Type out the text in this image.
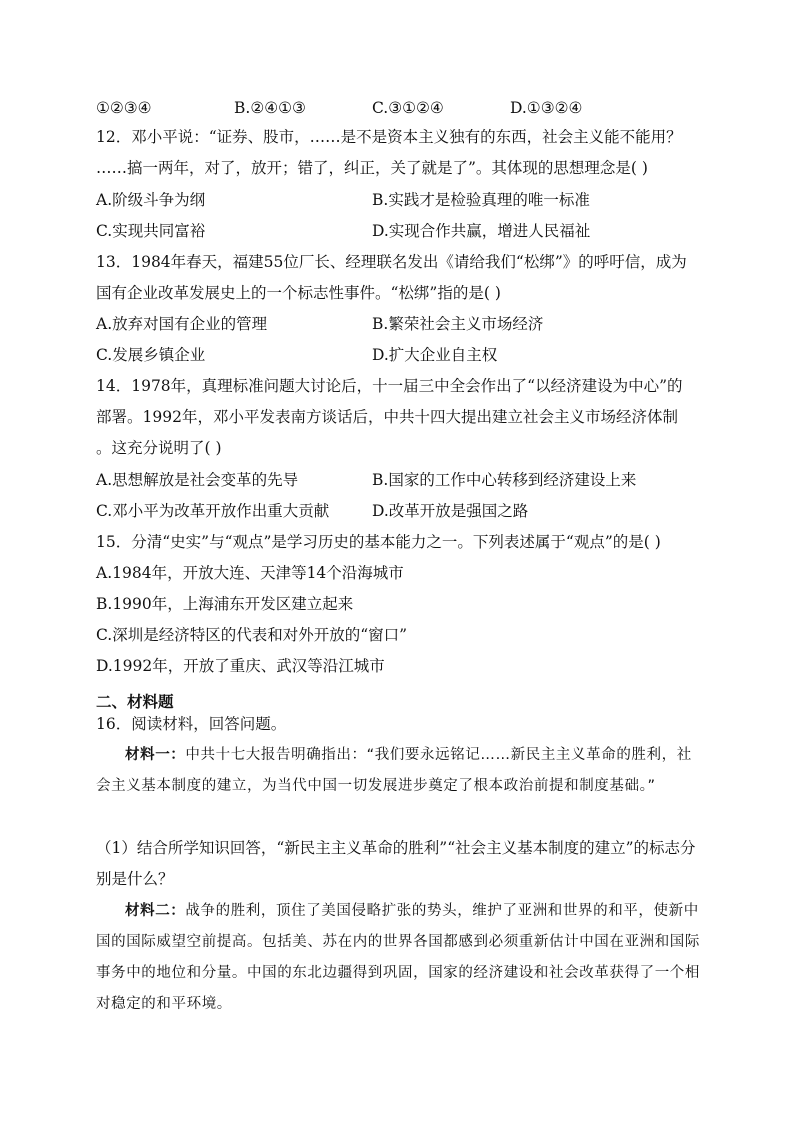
①②③④	B.②④①③	C.③①②④	D.①③②④
12．邓小平说：“证券、股市，……是不是资本主义独有的东西，社会主义能不能用？
……搞一两年，对了，放开；错了，纠正，关了就是了”。其体现的思想理念是( )
A.阶级斗争为纲	B.实践才是检验真理的唯一标准
C.实现共同富裕	D.实现合作共赢，增进人民福祉
13．1984年春天，福建55位厂长、经理联名发出《请给我们“松绑”》的呼吁信，成为
国有企业改革发展史上的一个标志性事件。“松绑”指的是( )
A.放弃对国有企业的管理	B.繁荣社会主义市场经济
C.发展乡镇企业	D.扩大企业自主权
14．1978年，真理标准问题大讨论后，十一届三中全会作出了“以经济建设为中心”的
部署。1992年，邓小平发表南方谈话后，中共十四大提出建立社会主义市场经济体制
。这充分说明了( )
A.思想解放是社会变革的先导	B.国家的工作中心转移到经济建设上来
C.邓小平为改革开放作出重大贡献	D.改革开放是强国之路
15．分清“史实”与“观点”是学习历史的基本能力之一。下列表述属于“观点”的是( )
A.1984年，开放大连、天津等14个沿海城市
B.1990年，上海浦东开发区建立起来
C.深圳是经济特区的代表和对外开放的“窗口”
D.1992年，开放了重庆、武汉等沿江城市
二、材料题
16．阅读材料，回答问题。
材料一：中共十七大报告明确指出：“我们要永远铭记……新民主主义革命的胜利，社会主义基本制度的建立，为当代中国一切发展进步奠定了根本政治前提和制度基础。”
（1）结合所学知识回答，“新民主主义革命的胜利”“社会主义基本制度的建立”的标志分别是什么？
材料二：战争的胜利，顶住了美国侵略扩张的势头，维护了亚洲和世界的和平，使新中国的国际威望空前提高。包括美、苏在内的世界各国都感到必须重新估计中国在亚洲和国际事务中的地位和分量。中国的东北边疆得到巩固，国家的经济建设和社会改革获得了一个相对稳定的和平环境。
